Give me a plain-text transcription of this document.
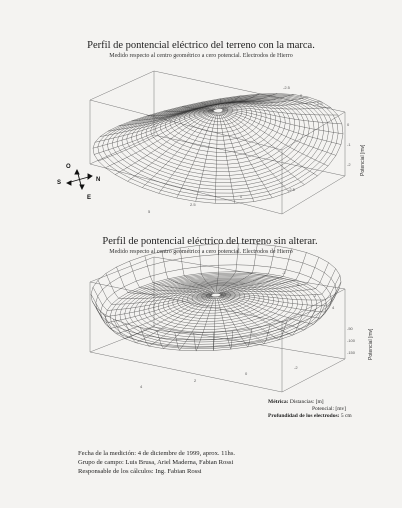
Perfil de pontencial eléctrico del terreno con la marca.
Medido respecto al centro geométrico a cero potencial. Electrodos de Hierro
-2.5
0
2.5
5
2.5
0
-2.5
0
-1
-2 Potencial [mv]
O
S	N
E
-2
0
2
4
4
2
0
-2
-50
-100
-150	Potencial [mv]
Perfil de pontencial eléctrico del terreno sin alterar.
Medido respecto al centro geométrico a cero potencial. Electrodos de Hierro
Métrica: Distancias: [m]
Potencial: [mv]
Profundidad de los electrodos: 5 cm
Fecha de la medición: 4 de diciembre de 1999, aprox. 11hs.
Grupo de campo: Luis Brusa, Ariel Maderna, Fabian Rossi
Responsable de los cálculos: Ing. Fabian Rossi
